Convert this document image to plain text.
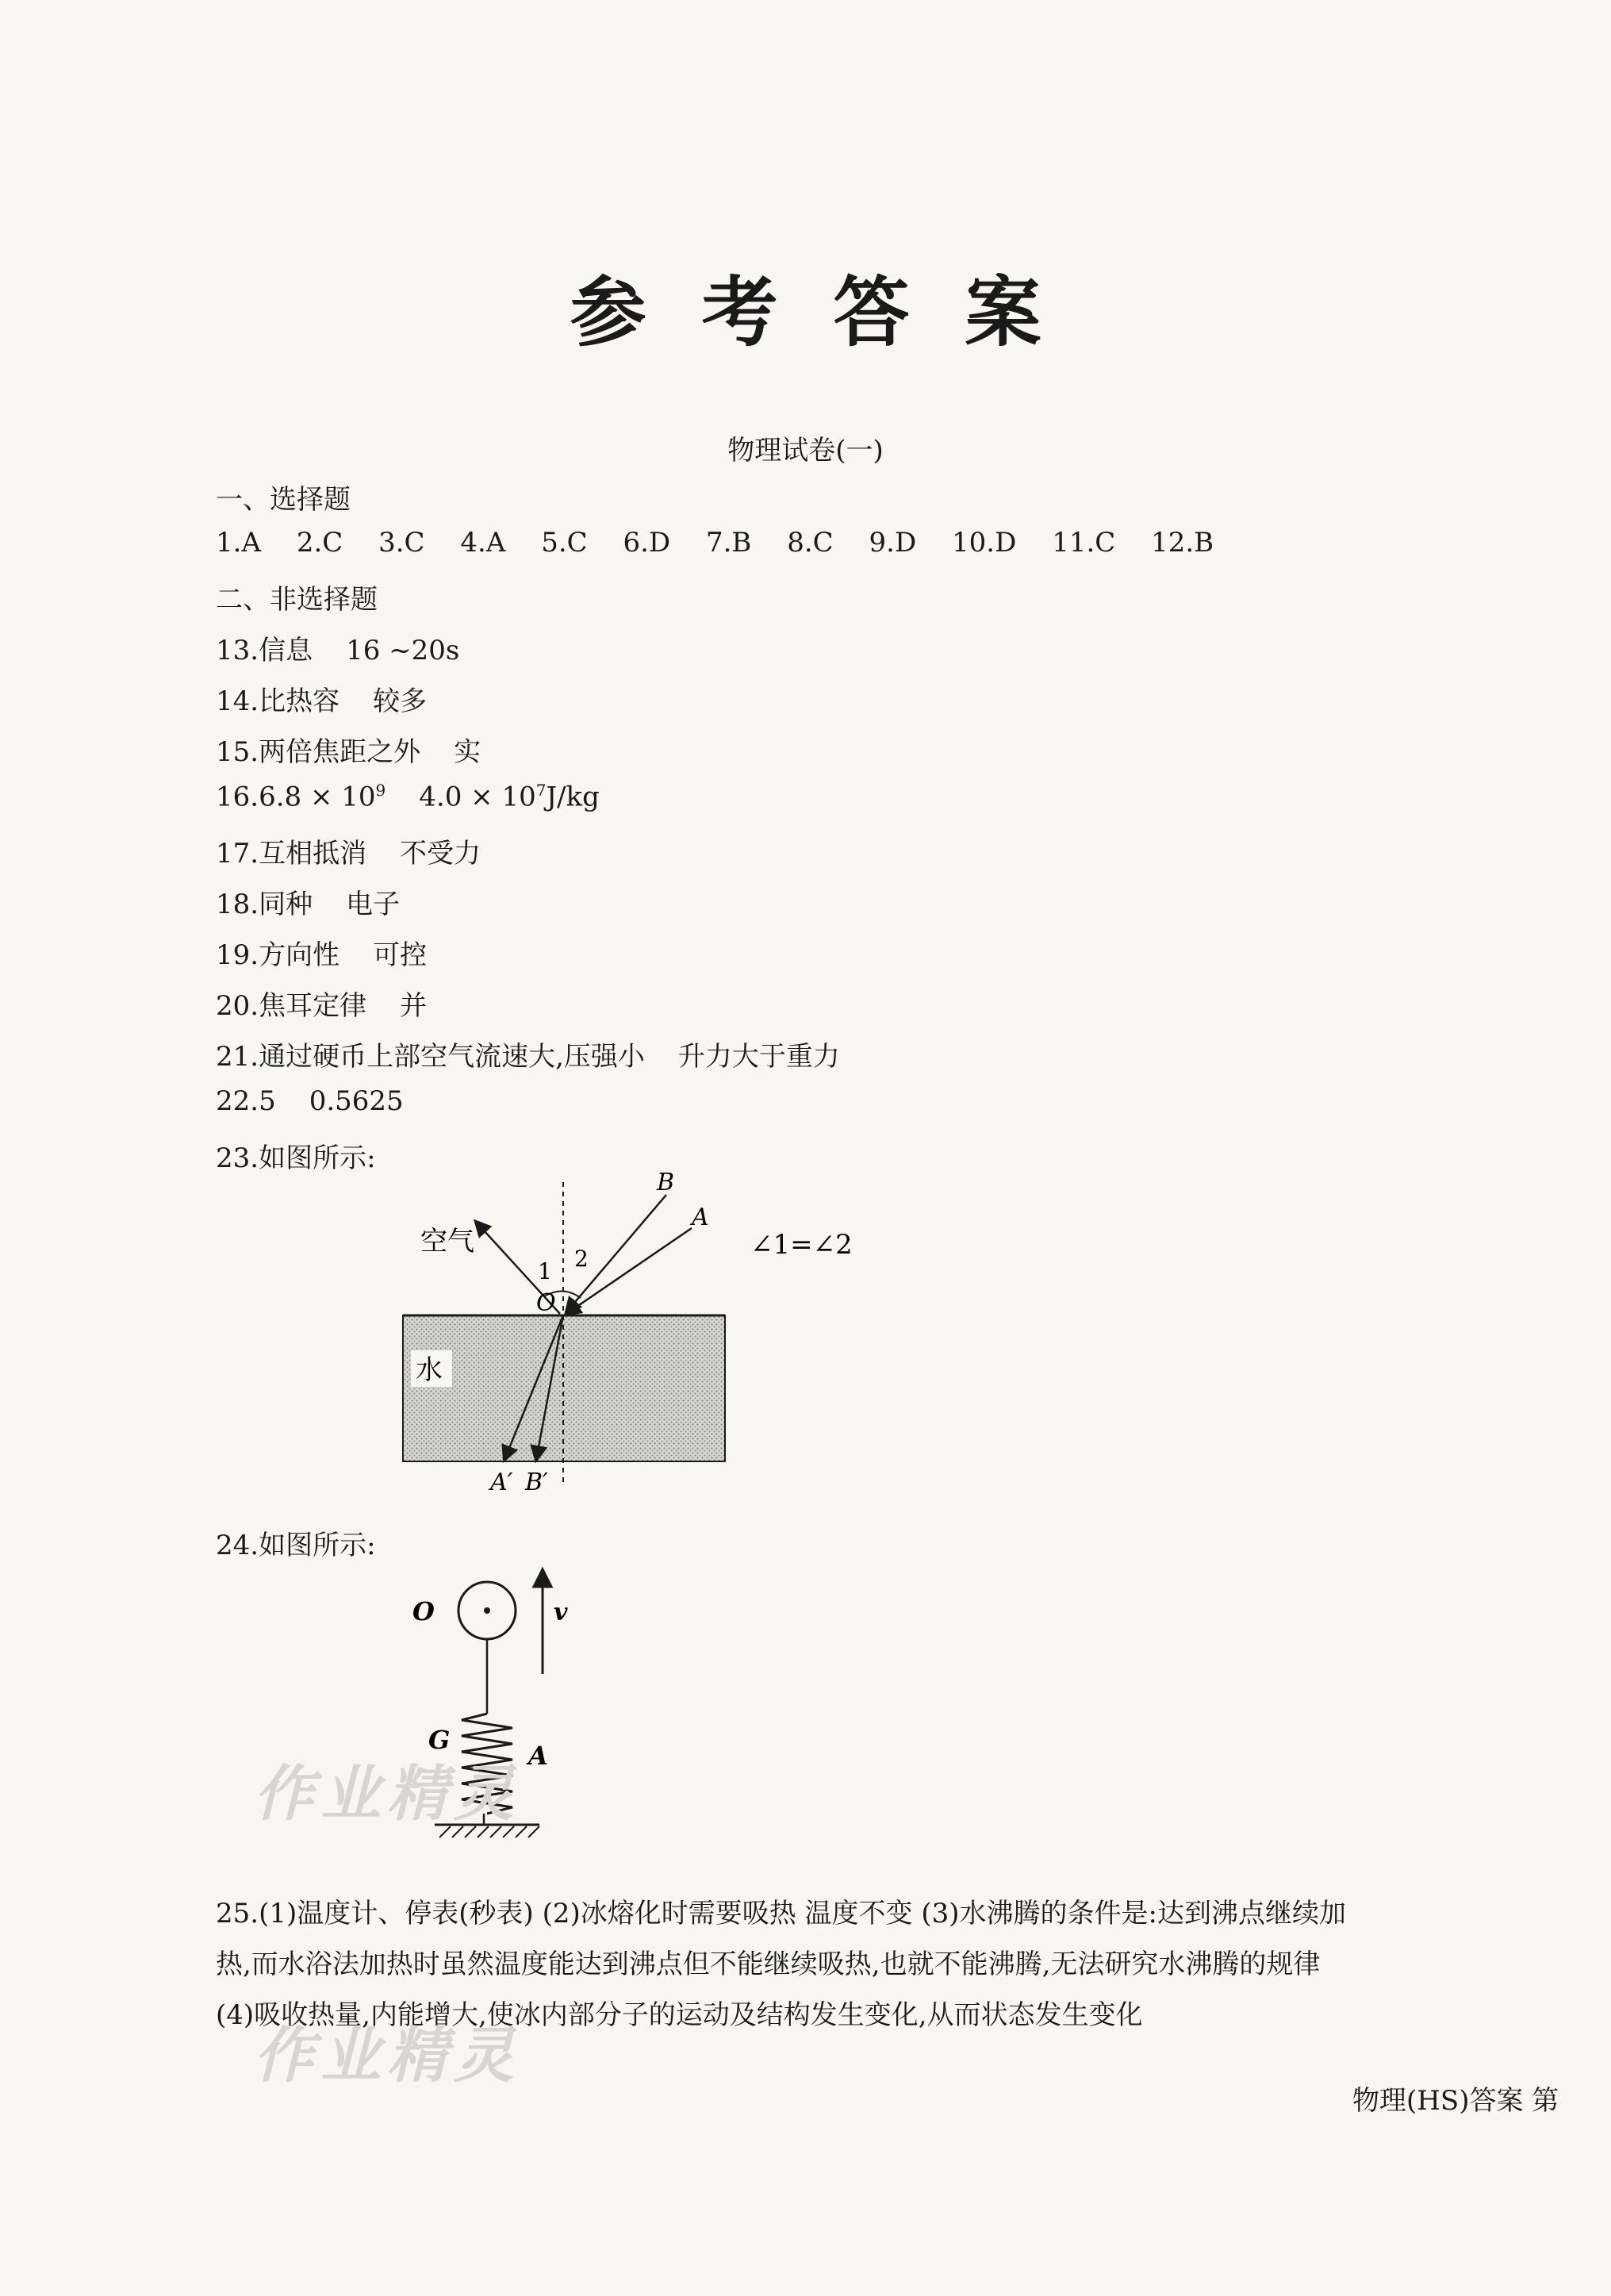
参考答案
物理试卷(一)
一、选择题
1.A 2.C 3.C 4.A 5.C 6.D 7.B 8.C 9.D 10.D 11.C 12.B
二、非选择题
13.信息 16 ~20s
14.比热容 较多
15.两倍焦距之外 实
$16.6.8 \times 10^9$ $4.0 \times 10^7J/kg$
17.互相抵消 不受力
18.同种 电子
19.方向性 可控
20.焦耳定律 并
21.通过硬币上部空气流速大,压强小 升力大于重力
22.5 0.5625
23.如图所示:
空气
水
B
A
O
1 2
A′ B′
∠1=∠2
24.如图所示:
O	v
G
A
作业精灵
25.(1)温度计、停表(秒表) (2)冰熔化时需要吸热 温度不变 (3)水沸腾的条件是:达到沸点继续加
热,而水浴法加热时虽然温度能达到沸点但不能继续吸热,也就不能沸腾,无法研究水沸腾的规律
(4)吸收热量,内能增大,使冰内部分子的运动及结构发生变化,从而状态发生变化
作业精灵
物理(HS)答案 第
